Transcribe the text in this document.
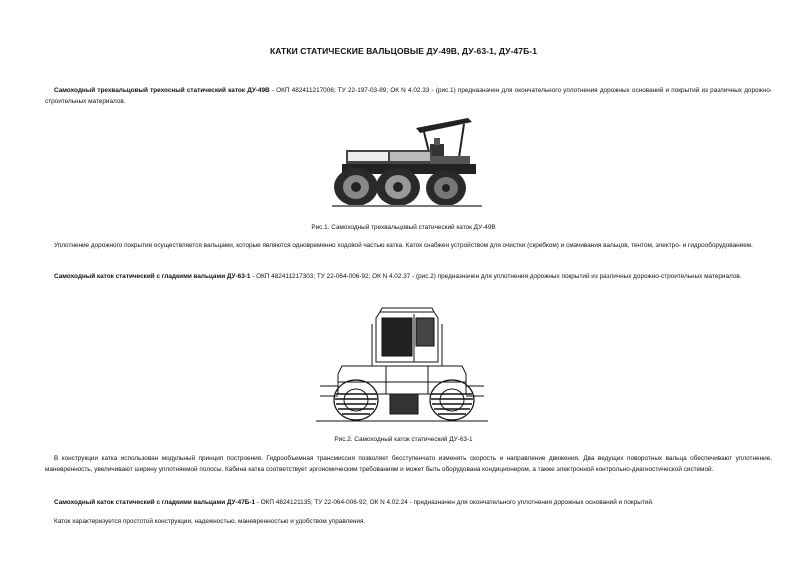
КАТКИ СТАТИЧЕСКИЕ ВАЛЬЦОВЫЕ ДУ-49В, ДУ-63-1, ДУ-47Б-1
Самоходный трехвальцовый трехосный статический каток ДУ-49В - ОКП 482411217006; ТУ 22-197-03-89; ОК N 4.02.33 - (рис.1) предназначен для окончательного уплотнения дорожных оснований и покрытий из различных дорожно-строительных материалов.
Рис.1. Самоходный трехвальцовый статический каток ДУ-49В
Уплотнение дорожного покрытия осуществляется вальцами, которые являются одновременно ходовой частью катка. Каток снабжен устройством для очистки (скребком) и смачивания вальцов, тентом, электро- и гидрооборудованием.
Самоходный каток статический с гладкими вальцами ДУ-63-1 - ОКП 482411217303; ТУ 22-064-006-92; ОК N 4.02.37 - (рис.2) предназначен для уплотнения дорожных покрытий из различных дорожно-строительных материалов.
Рис.2. Самоходный каток статический ДУ-63-1
В конструкции катка использован модульный принцип построения. Гидрообъемная трансмиссия позволяет бесступенчато изменять скорость и направление движения. Два ведущих поворотных вальца обеспечивают уплотнение, маневренность, увеличивают ширину уплотняемой полосы. Кабина катка соответствует эргономическим требованиям и может быть оборудована кондиционером, а также электронной контрольно-диагностической системой.
Самоходный каток статический с гладкими вальцами ДУ-47Б-1 - ОКП 4824121135; ТУ 22-064-006-92; ОК N 4.02.24 - предназначен для окончательного уплотнения дорожных оснований и покрытий.
Каток характеризуется простотой конструкции, надежностью, маневренностью и удобством управления.
